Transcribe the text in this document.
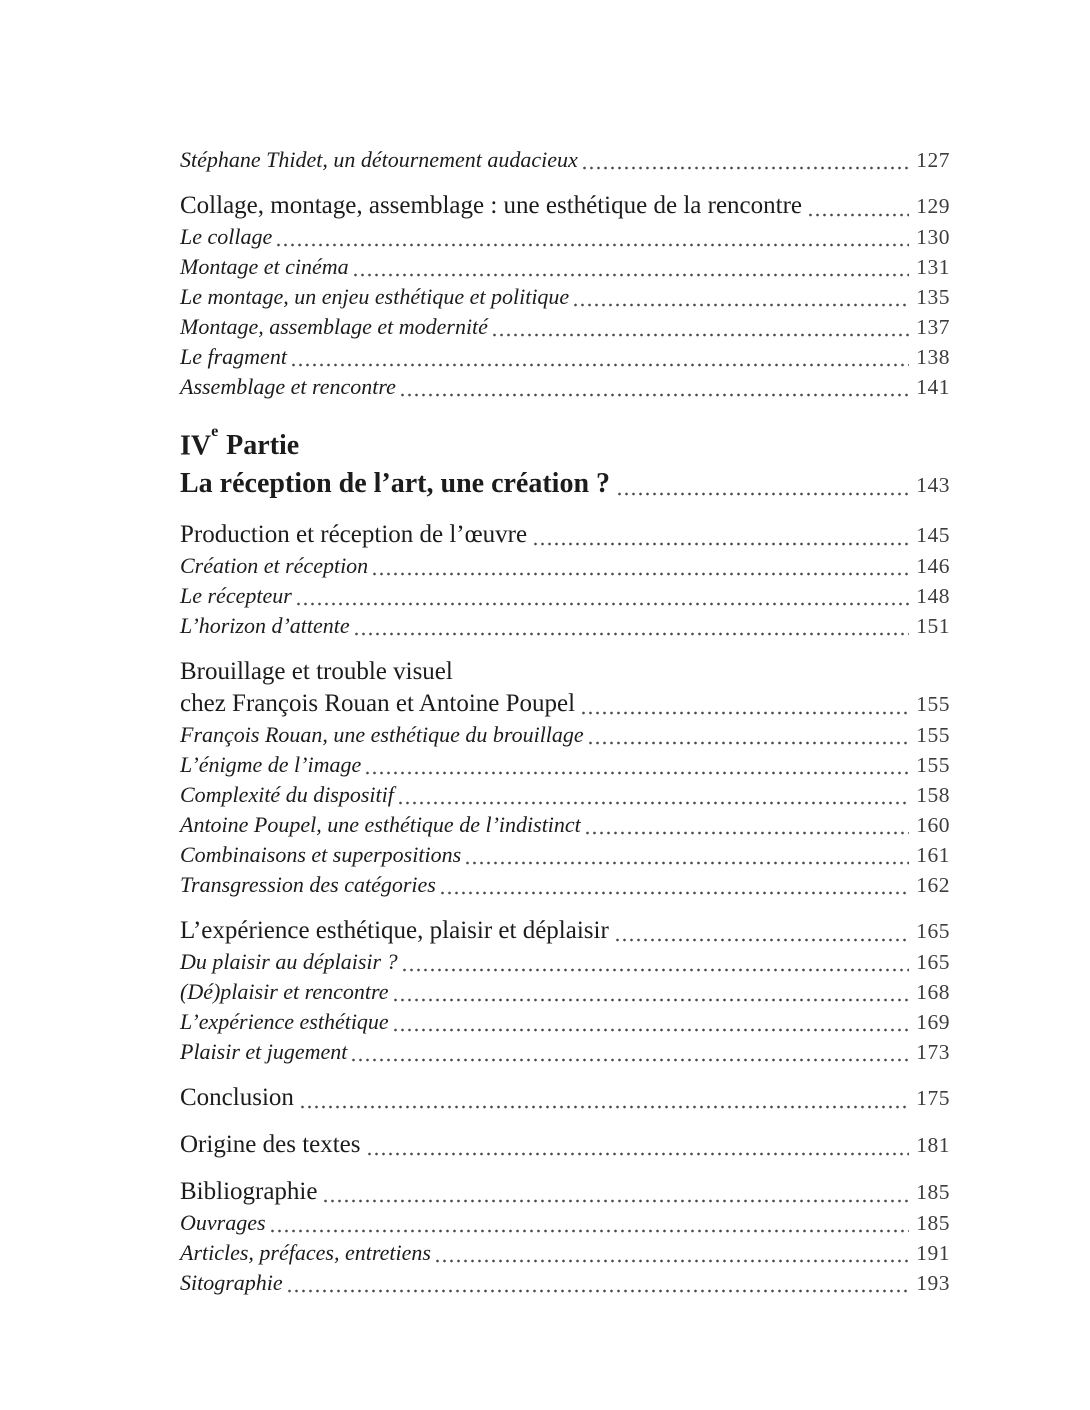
Stéphane Thidet, un détournement audacieux	127
Collage, montage, assemblage : une esthétique de la rencontre	129
Le collage	130
Montage et cinéma	131
Le montage, un enjeu esthétique et politique	135
Montage, assemblage et modernité	137
Le fragment	138
Assemblage et rencontre	141
IVe Partie
La réception de l’art, une création ?	143
Production et réception de l’œuvre	145
Création et réception	146
Le récepteur	148
L’horizon d’attente	151
Brouillage et trouble visuel
chez François Rouan et Antoine Poupel	155
François Rouan, une esthétique du brouillage	155
L’énigme de l’image	155
Complexité du dispositif	158
Antoine Poupel, une esthétique de l’indistinct	160
Combinaisons et superpositions	161
Transgression des catégories	162
L’expérience esthétique, plaisir et déplaisir	165
Du plaisir au déplaisir ?	165
(Dé)plaisir et rencontre	168
L’expérience esthétique	169
Plaisir et jugement	173
Conclusion	175
Origine des textes	181
Bibliographie	185
Ouvrages	185
Articles, préfaces, entretiens	191
Sitographie	193
